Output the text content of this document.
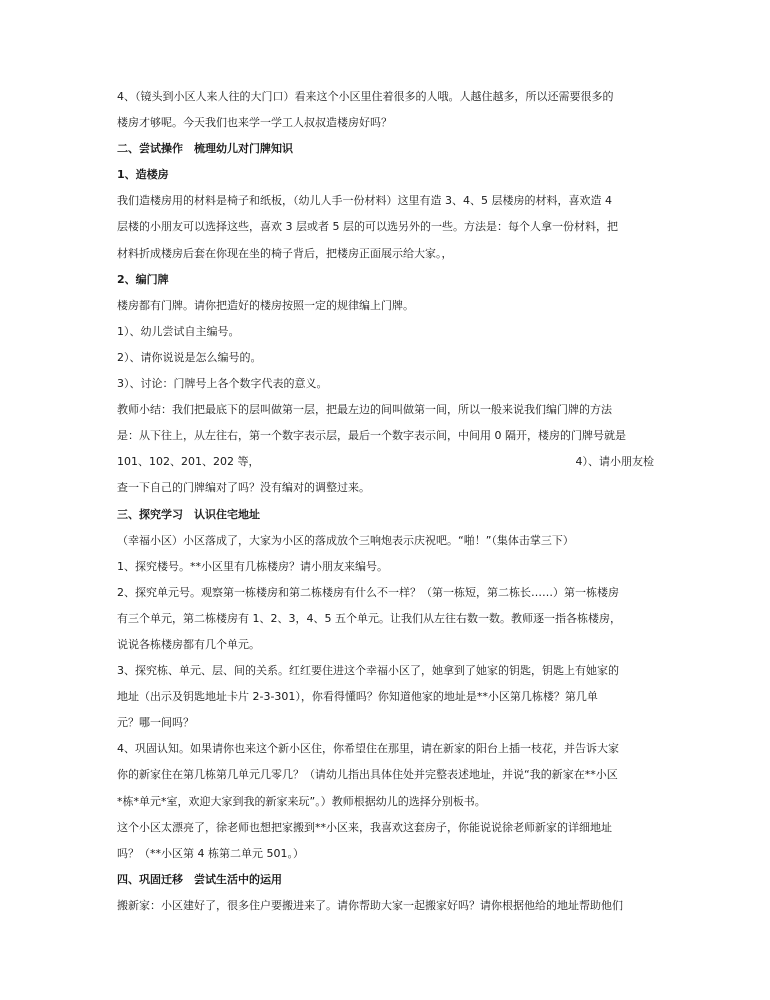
4、（镜头到小区人来人往的大门口）看来这个小区里住着很多的人哦。人越住越多，所以还需要很多的
楼房才够呢。今天我们也来学一学工人叔叔造楼房好吗？
二、尝试操作　梳理幼儿对门牌知识
1、造楼房
我们造楼房用的材料是椅子和纸板，（幼儿人手一份材料）这里有造 3、4、5 层楼房的材料，喜欢造 4
层楼的小朋友可以选择这些，喜欢 3 层或者 5 层的可以选另外的一些。方法是：每个人拿一份材料，把
材料折成楼房后套在你现在坐的椅子背后，把楼房正面展示给大家。，
2、编门牌
楼房都有门牌。请你把造好的楼房按照一定的规律编上门牌。
1）、幼儿尝试自主编号。
2）、请你说说是怎么编号的。
3）、讨论：门牌号上各个数字代表的意义。
教师小结：我们把最底下的层叫做第一层，把最左边的间叫做第一间，所以一般来说我们编门牌的方法
是：从下往上，从左往右，第一个数字表示层，最后一个数字表示间，中间用 0 隔开，楼房的门牌号就是
101、102、201、202 等，	4）、请小朋友检
查一下自己的门牌编对了吗？没有编对的调整过来。
三、探究学习　认识住宅地址
（幸福小区）小区落成了，大家为小区的落成放个三响炮表示庆祝吧。“啪！”（集体击掌三下）
1、探究楼号。**小区里有几栋楼房？请小朋友来编号。
2、探究单元号。观察第一栋楼房和第二栋楼房有什么不一样？（第一栋短，第二栋长……）第一栋楼房
有三个单元，第二栋楼房有 1、2、3，4、5 五个单元。让我们从左往右数一数。教师逐一指各栋楼房，
说说各栋楼房都有几个单元。
3、探究栋、单元、层、间的关系。红红要住进这个幸福小区了，她拿到了她家的钥匙，钥匙上有她家的
地址（出示及钥匙地址卡片 2-3-301），你看得懂吗？你知道他家的地址是**小区第几栋楼？第几单
元？哪一间吗？
4、巩固认知。如果请你也来这个新小区住，你希望住在那里，请在新家的阳台上插一枝花，并告诉大家
你的新家住在第几栋第几单元几零几？（请幼儿指出具体住处并完整表述地址，并说“我的新家在**小区
*栋*单元*室，欢迎大家到我的新家来玩”。）教师根据幼儿的选择分别板书。
这个小区太漂亮了，徐老师也想把家搬到**小区来，我喜欢这套房子，你能说说徐老师新家的详细地址
吗？（**小区第 4 栋第二单元 501。）
四、巩固迁移　尝试生活中的运用
搬新家：小区建好了，很多住户要搬进来了。请你帮助大家一起搬家好吗？请你根据他给的地址帮助他们
